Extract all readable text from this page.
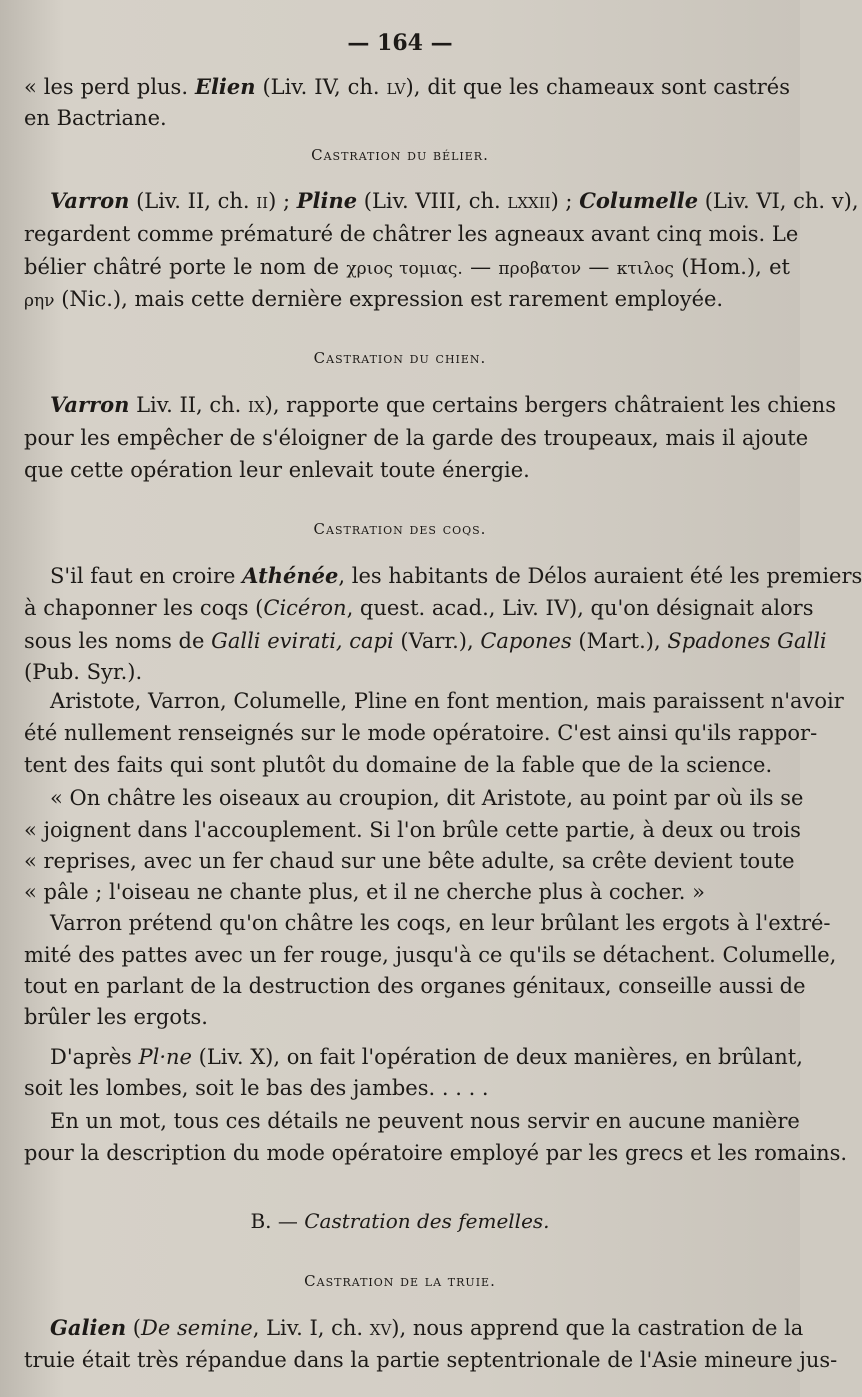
— 164 —
« les perd plus. Elien (Liv. IV, ch. lv), dit que les chameaux sont castrés
en Bactriane.
Castration du bélier.
Varron (Liv. II, ch. ii) ; Pline (Liv. VIII, ch. lxxii) ; Columelle (Liv. VI, ch. v),
regardent comme prématuré de châtrer les agneaux avant cinq mois. Le
bélier châtré porte le nom de χριος τομιας. — προβατον — κτιλος (Hom.), et
ρην (Nic.), mais cette dernière expression est rarement employée.
Castration du chien.
Varron Liv. II, ch. ix), rapporte que certains bergers châtraient les chiens
pour les empêcher de s'éloigner de la garde des troupeaux, mais il ajoute
que cette opération leur enlevait toute énergie.
Castration des coqs.
S'il faut en croire Athénée, les habitants de Délos auraient été les premiers
à chaponner les coqs (Cicéron, quest. acad., Liv. IV), qu'on désignait alors
sous les noms de Galli evirati, capi (Varr.), Capones (Mart.), Spadones Galli
(Pub. Syr.).
Aristote, Varron, Columelle, Pline en font mention, mais paraissent n'avoir
été nullement renseignés sur le mode opératoire. C'est ainsi qu'ils rappor-
tent des faits qui sont plutôt du domaine de la fable que de la science.
« On châtre les oiseaux au croupion, dit Aristote, au point par où ils se
« joignent dans l'accouplement. Si l'on brûle cette partie, à deux ou trois
« reprises, avec un fer chaud sur une bête adulte, sa crête devient toute
« pâle ; l'oiseau ne chante plus, et il ne cherche plus à cocher. »
Varron prétend qu'on châtre les coqs, en leur brûlant les ergots à l'extré-
mité des pattes avec un fer rouge, jusqu'à ce qu'ils se détachent. Columelle,
tout en parlant de la destruction des organes génitaux, conseille aussi de
brûler les ergots.
D'après Pl·ne (Liv. X), on fait l'opération de deux manières, en brûlant,
soit les lombes, soit le bas des jambes. . . . .
En un mot, tous ces détails ne peuvent nous servir en aucune manière
pour la description du mode opératoire employé par les grecs et les romains.
B. — Castration des femelles.
Castration de la truie.
Galien (De semine, Liv. I, ch. xv), nous apprend que la castration de la
truie était très répandue dans la partie septentrionale de l'Asie mineure jus-
